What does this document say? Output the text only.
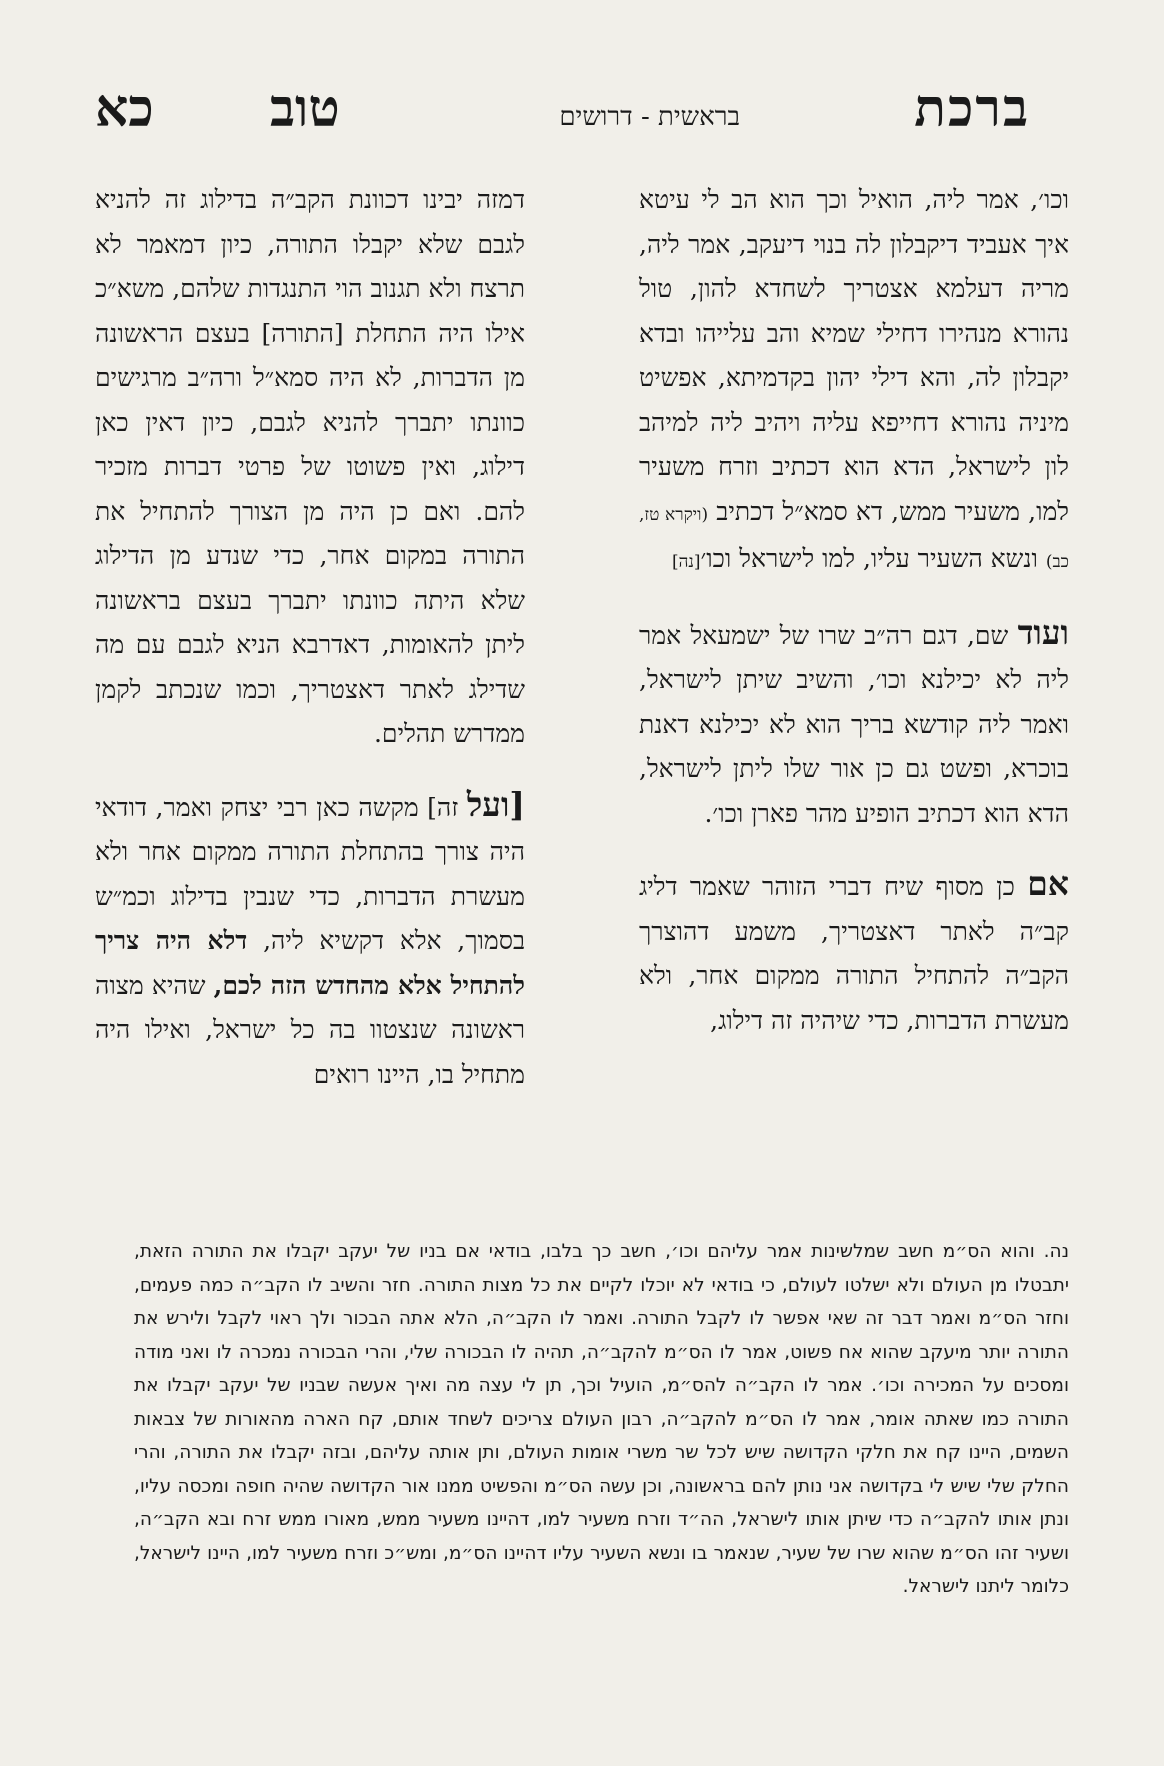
ברכת
בראשית - דרושים
טוב
כא

וכו׳, אמר ליה, הואיל וכך הוא הב לי עיטא איך אעביד דיקבלון לה בנוי דיעקב, אמר ליה, מריה דעלמא אצטריך לשחדא להון, טול נהורא מנהירו דחילי שמיא והב עלייהו ובדא יקבלון לה, והא דילי יהון בקדמיתא, אפשיט מיניה נהורא דחייפא עליה ויהיב ליה למיהב לון לישראל, הדא הוא דכתיב וזרח משעיר למו, משעיר ממש, דא סמא״ל דכתיב (ויקרא טז, כב) ונשא השעיר עליו, למו לישראל וכו׳[נה]

ועוד שם, דגם רה״ב שרו של ישמעאל אמר ליה לא יכילנא וכו׳, והשיב שיתן לישראל, ואמר ליה קודשא בריך הוא לא יכילנא דאנת בוכרא, ופשט גם כן אור שלו ליתן לישראל, הדא הוא דכתיב הופיע מהר פארן וכו׳.

אם כן מסוף שיח דברי הזוהר שאמר דליג קב״ה לאתר דאצטריך, משמע דהוצרך הקב״ה להתחיל התורה ממקום אחר, ולא מעשרת הדברות, כדי שיהיה זה דילוג,

דמזה יבינו דכוונת הקב״ה בדילוג זה להניא לגבם שלא יקבלו התורה, כיון דמאמר לא תרצח ולא תגנוב הוי התנגדות שלהם, משא״כ אילו היה התחלת [התורה] בעצם הראשונה מן הדברות, לא היה סמא״ל ורה״ב מרגישים כוונתו יתברך להניא לגבם, כיון דאין כאן דילוג, ואין פשוטו של פרטי דברות מזכיר להם. ואם כן היה מן הצורך להתחיל את התורה במקום אחר, כדי שנדע מן הדילוג שלא היתה כוונתו יתברך בעצם בראשונה ליתן להאומות, דאדרבא הניא לגבם עם מה שדילג לאתר דאצטריך, וכמו שנכתב לקמן ממדרש תהלים.

[ועל זה] מקשה כאן רבי יצחק ואמר, דודאי היה צורך בהתחלת התורה ממקום אחר ולא מעשרת הדברות, כדי שנבין בדילוג וכמ״ש בסמוך, אלא דקשיא ליה, דלא היה צריך להתחיל אלא מהחדש הזה לכם, שהיא מצוה ראשונה שנצטוו בה כל ישראל, ואילו היה מתחיל בו, היינו רואים

נה. והוא הס״מ חשב שמלשינות אמר עליהם וכו׳, חשב כך בלבו, בודאי אם בניו של יעקב יקבלו את התורה הזאת, יתבטלו מן העולם ולא ישלטו לעולם, כי בודאי לא יוכלו לקיים את כל מצות התורה. חזר והשיב לו הקב״ה כמה פעמים, וחזר הס״מ ואמר דבר זה שאי אפשר לו לקבל התורה. ואמר לו הקב״ה, הלא אתה הבכור ולך ראוי לקבל ולירש את התורה יותר מיעקב שהוא אח פשוט, אמר לו הס״מ להקב״ה, תהיה לו הבכורה שלי, והרי הבכורה נמכרה לו ואני מודה ומסכים על המכירה וכו׳. אמר לו הקב״ה להס״מ, הועיל וכך, תן לי עצה מה ואיך אעשה שבניו של יעקב יקבלו את התורה כמו שאתה אומר, אמר לו הס״מ להקב״ה, רבון העולם צריכים לשחד אותם, קח הארה מהאורות של צבאות השמים, היינו קח את חלקי הקדושה שיש לכל שר משרי אומות העולם, ותן אותה עליהם, ובזה יקבלו את התורה, והרי החלק שלי שיש לי בקדושה אני נותן להם בראשונה, וכן עשה הס״מ והפשיט ממנו אור הקדושה שהיה חופה ומכסה עליו, ונתן אותו להקב״ה כדי שיתן אותו לישראל, הה״ד וזרח משעיר למו, דהיינו משעיר ממש, מאורו ממש זרח ובא הקב״ה, ושעיר זהו הס״מ שהוא שרו של שעיר, שנאמר בו ונשא השעיר עליו דהיינו הס״מ, ומש״כ וזרח משעיר למו, היינו לישראל, כלומר ליתנו לישראל.
